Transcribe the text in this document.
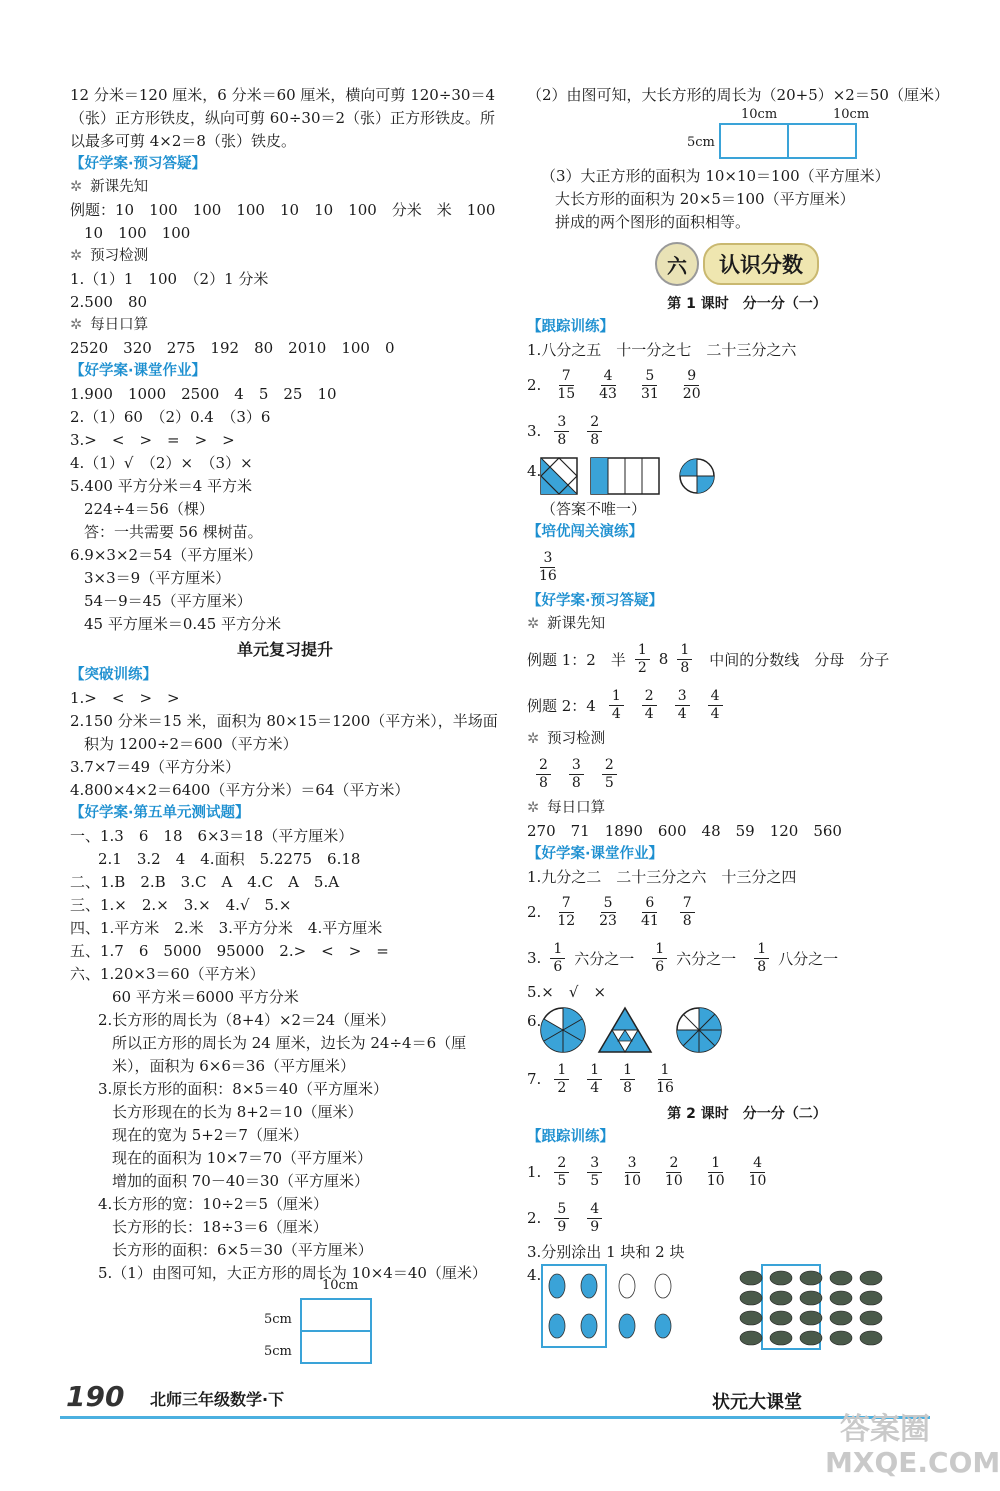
12 分米＝120 厘米，6 分米＝60 厘米，横向可剪 120÷30＝4
（张）正方形铁皮，纵向可剪 60÷30＝2（张）正方形铁皮。所
以最多可剪 4×2＝8（张）铁皮。
【好学案·预习答疑】
✲ 新课先知
例题：10　100　100　100　10　10　100　分米　米　100
10　100　100
✲ 预习检测
1.（1）1　100　（2）1 分米
2.500　80
✲ 每日口算
2520　320　275　192　80　2010　100　0
【好学案·课堂作业】
1.900　1000　2500　4　5　25　10
2.（1）60　（2）0.4　（3）6
3.>　<　>　=　>　>
4.（1）√　（2）×　（3）×
5.400 平方分米＝4 平方米
224÷4＝56（棵）
答：一共需要 56 棵树苗。
6.9×3×2＝54（平方厘米）
3×3＝9（平方厘米）
54－9＝45（平方厘米）
45 平方厘米＝0.45 平方分米
单元复习提升
【突破训练】
1.>　<　>　>
2.150 分米＝15 米，面积为 80×15＝1200（平方米），半场面
积为 1200÷2＝600（平方米）
3.7×7＝49（平方分米）
4.800×4×2＝6400（平方分米）＝64（平方米）
【好学案·第五单元测试题】
一、1.3　6　18　6×3＝18（平方厘米）
2.1　3.2　4　4.面积　5.2275　6.18
二、1.B　2.B　3.C　A　4.C　A　5.A
三、1.×　2.×　3.×　4.√　5.×
四、1.平方米　2.米　3.平方分米　4.平方厘米
五、1.7　6　5000　95000　2.>　<　>　=
六、1.20×3＝60（平方米）
60 平方米＝6000 平方分米
2.长方形的周长为（8+4）×2＝24（厘米）
所以正方形的周长为 24 厘米，边长为 24÷4＝6（厘
米），面积为 6×6＝36（平方厘米）
3.原长方形的面积：8×5＝40（平方厘米）
长方形现在的长为 8+2＝10（厘米）
现在的宽为 5+2＝7（厘米）
现在的面积为 10×7＝70（平方厘米）
增加的面积 70－40＝30（平方厘米）
4.长方形的宽：10÷2＝5（厘米）
长方形的长：18÷3＝6（厘米）
长方形的面积：6×5＝30（平方厘米）
5.（1）由图可知，大正方形的周长为 10×4＝40（厘米）
（2）由图可知，大长方形的周长为（20+5）×2＝50（厘米）
10cm	10cm
5cm
（3）大正方形的面积为 10×10＝100（平方厘米）
大长方形的面积为 20×5＝100（平方厘米）
拼成的两个图形的面积相等。
六	认识分数
第 1 课时　分一分（一）
【跟踪训练】
1.八分之五　十一分之七　二十三分之六
2. $\frac{7}{15} \frac{4}{43} \frac{5}{31} \frac{9}{20}$
3. $\frac{3}{8} \frac{2}{8}$
4.
（答案不唯一）
【培优闯关演练】
$\frac{3}{16}$
【好学案·预习答疑】
✲ 新课先知
例题 1：2　半 $\frac{1}{2} 8 \frac{1}{8}$ 中间的分数线　分母　分子
例题 2：$4 \frac{1}{4} \frac{2}{4} \frac{3}{4} \frac{4}{4}$
✲ 预习检测
$\frac{2}{8} \frac{3}{8} \frac{2}{5}$
✲ 每日口算
270　71　1890　600　48　59　120　560
【好学案·课堂作业】
1.九分之二　二十三分之六　十三分之四
2. $\frac{7}{12} \frac{5}{23} \frac{6}{41} \frac{7}{8}$
3. $\frac{1}{6}$ 六分之一 $\frac{1}{6}$ 六分之一 $\frac{1}{8}$ 八分之一
5.×　√　×
6.
7. $\frac{1}{2} \frac{1}{4} \frac{1}{8} \frac{1}{16}$
第 2 课时　分一分（二）
【跟踪训练】
1. $\frac{2}{5} \frac{3}{5} \frac{3}{10} \frac{2}{10} \frac{1}{10} \frac{4}{10}$
2. $\frac{5}{9} \frac{4}{9}$
3.分别涂出 1 块和 2 块
4.
10cm
5cm
5cm
190 北师三年级数学·下	状元大课堂
答案圈
MXQE.COM
